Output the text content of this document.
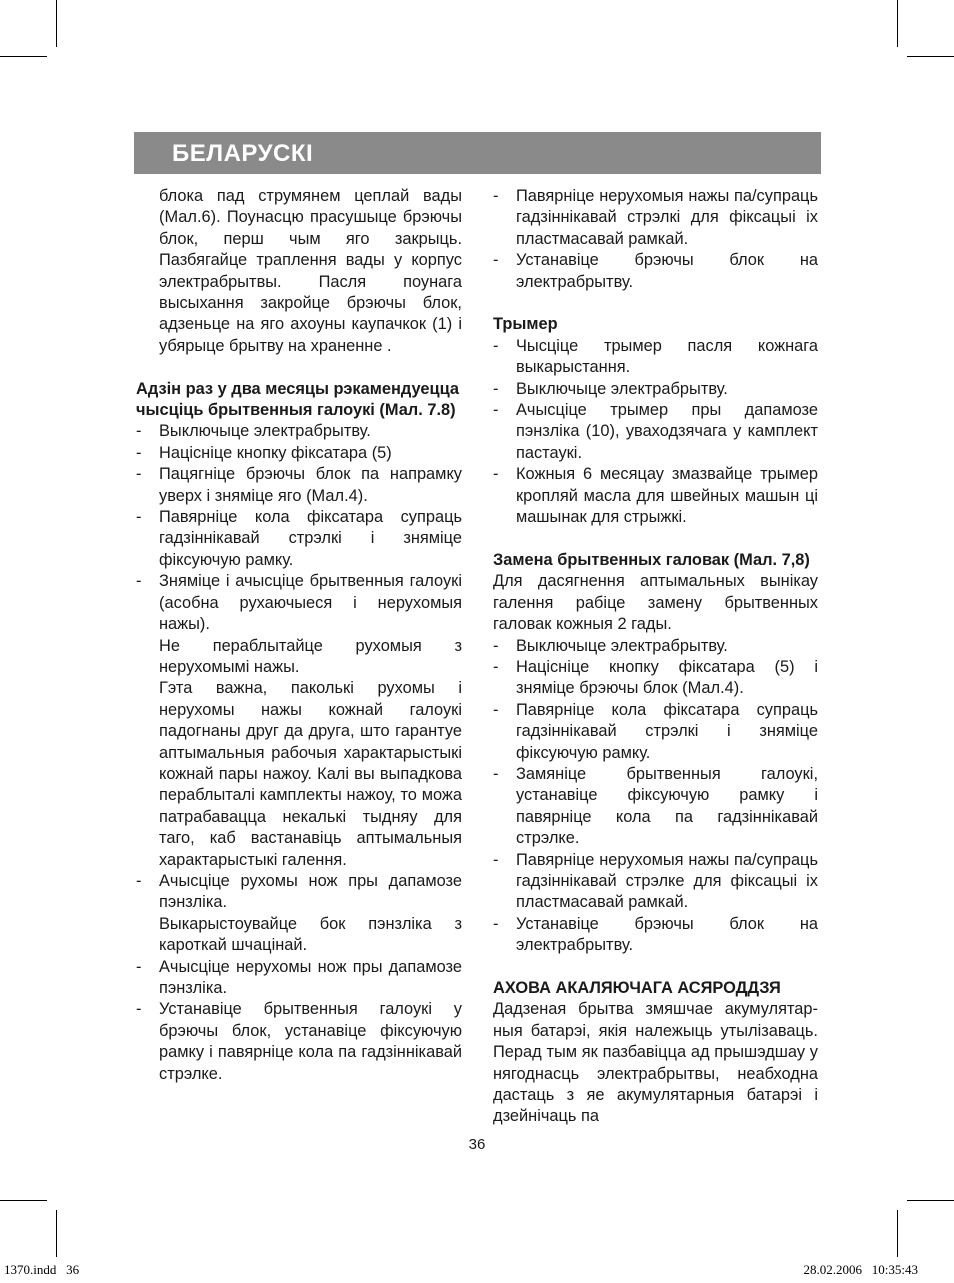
БЕЛАРУСКІ

блока пад струмянем цеплай вады (Мал.6). Поунасцю прасушыце брэючы блок, перш чым яго закрыць. Пазбягайце траплення вады у корпус электрабрытвы. Пасля поунага высыхання закройце брэючы блок, адзеньце на яго ахоуны каупачкок (1) і убярыце брытву на храненне .

Адзін раз у два месяцы рэкамендуецца чысціць брытвенныя галоукі (Мал. 7.8)

- Выключыце электрабрытву.
- Націсніце кнопку фіксатара (5)
- Пацягніце брэючы блок па напрамку уверх і зняміце яго (Мал.4).
- Павярніце кола фіксатара супраць гадзіннікавай стрэлкі і зняміце фіксуючую рамку.
- Зняміце і ачысціце брытвенныя галоукі (асобна рухаючыеся і нерухомыя нажы).
Не пераблытайце рухомыя з нерухомымі нажы.
Гэта важна, паколькі рухомы і нерухомы нажы кожнай галоукі падогнаны друг да друга, што гарантуе аптымальныя рабочыя характарыстыкі кожнай пары нажоу. Калі вы выпадкова пераблыталі камплекты нажоу, то можа патрабавацца некалькі тыдняу для таго, каб вастанавіць аптымальныя характарыстыкі галення.
- Ачысціце рухомы нож пры дапамозе пэнзліка.
Выкарыстоувайце бок пэнзліка з кароткай шчацінай.
- Ачысціце нерухомы нож пры дапамозе пэнзліка.
- Устанавіце брытвенныя галоукі у брэючы блок, устанавіце фіксуючую рамку і павярніце кола па гадзіннікавай стрэлке.
- Павярніце нерухомыя нажы па/супраць гадзіннікавай стрэлкі для фіксацыі іх пластмасавай рамкай.
- Устанавіце брэючы блок на электрабрытву.

Трымер

- Чысціце трымер пасля кожнага выкарыстання.
- Выключыце электрабрытву.
- Ачысціце трымер пры дапамозе пэнзліка (10), уваходзячага у камплект пастаукі.
- Кожныя 6 месяцау змазвайце трымер кропляй масла для швейных машын ці машынак для стрыжкі.

Замена брытвенных галовак (Мал. 7,8)

Для дасягнення аптымальных вынікау галення рабіце замену брытвенных галовак кожныя 2 гады.

- Выключыце электрабрытву.
- Націсніце кнопку фіксатара (5) і зняміце брэючы блок (Мал.4).
- Павярніце кола фіксатара супраць гадзіннікавай стрэлкі і зняміце фіксуючую рамку.
- Замяніце брытвенныя галоукі, устанавіце фіксуючую рамку і павярніце кола па гадзіннікавай стрэлке.
- Павярніце нерухомыя нажы па/супраць гадзіннікавай стрэлке для фіксацыі іх пластмасавай рамкай.
- Устанавіце брэючы блок на электрабрытву.

АХОВА АКАЛЯЮЧАГА АСЯРОДДЗЯ

Дадзеная брытва змяшчае акумулятар-ныя батарэі, якія належыць утылізаваць. Перад тым як пазбавіцца ад прышэдшау у нягоднасць электрабрытвы, неабходна дастаць з яе акумулятарныя батарэі і дзейнічаць па

36
1370.indd   36	28.02.2006   10:35:43
